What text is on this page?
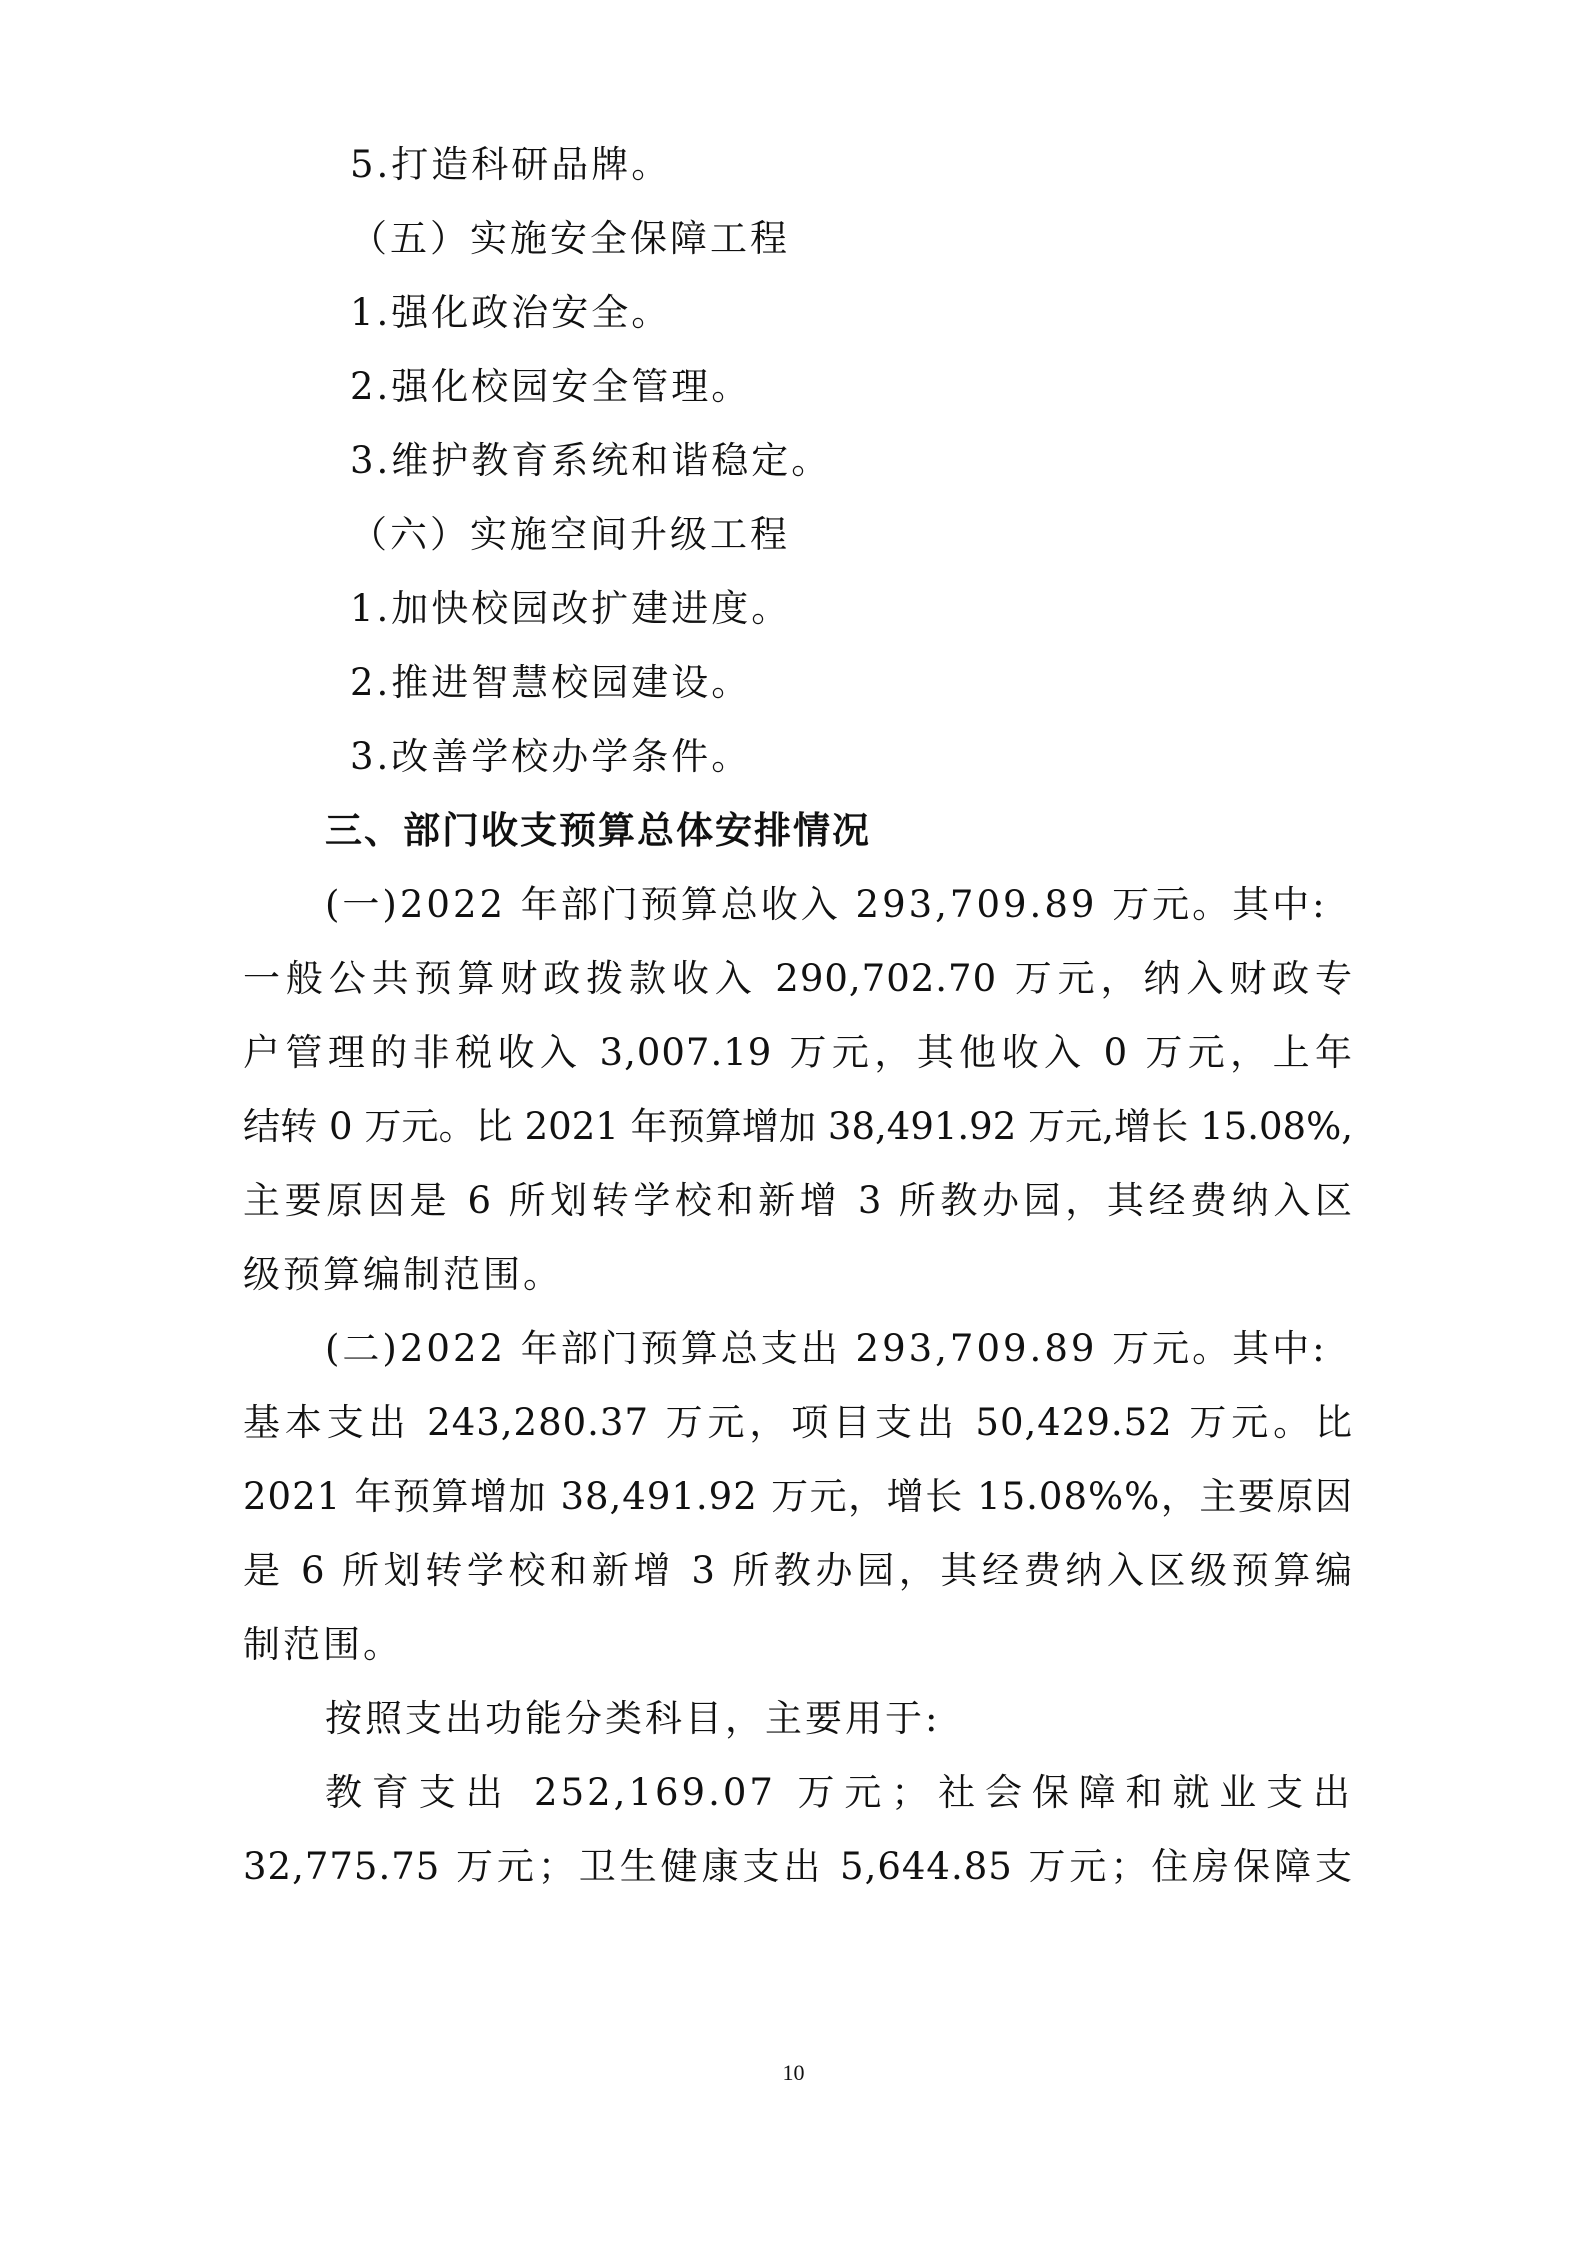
5.打造科研品牌。
（五）实施安全保障工程
1.强化政治安全。
2.强化校园安全管理。
3.维护教育系统和谐稳定。
（六）实施空间升级工程
1.加快校园改扩建进度。
2.推进智慧校园建设。
3.改善学校办学条件。
三、部门收支预算总体安排情况
(一)2022 年部门预算总收入 293,709.89 万元。其中:
一般公共预算财政拨款收入 290,702.70 万元，纳入财政专
户管理的非税收入 3,007.19 万元，其他收入 0 万元，上年
结转 0 万元。比 2021 年预算增加 38,491.92 万元,增长 15.08%,
主要原因是 6 所划转学校和新增 3 所教办园，其经费纳入区
级预算编制范围。
(二)2022 年部门预算总支出 293,709.89 万元。其中:
基本支出 243,280.37 万元，项目支出 50,429.52 万元。比
2021 年预算增加 38,491.92 万元，增长 15.08%%，主要原因
是 6 所划转学校和新增 3 所教办园，其经费纳入区级预算编
制范围。
按照支出功能分类科目，主要用于:
教育支出 252,169.07 万元；社会保障和就业支出
32,775.75 万元；卫生健康支出 5,644.85 万元；住房保障支
10
